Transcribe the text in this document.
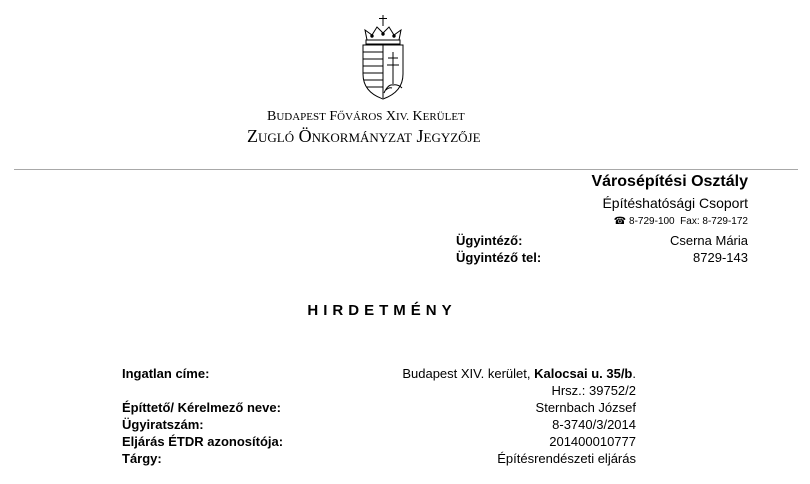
BUDAPEST FŐVÁROS XIV. KERÜLET
ZUGLÓ ÖNKORMÁNYZAT JEGYZŐJE
Városépítési Osztály
Építéshatósági Csoport
☎ 8-729-100  Fax: 8-729-172
Ügyintéző:	Cserna Mária
Ügyintéző tel:	8729-143
HIRDETMÉNY
Ingatlan címe:	Budapest XIV. kerület, Kalocsai u. 35/b.
Hrsz.: 39752/2
Építtető/ Kérelmező neve:	Sternbach József
Ügyiratszám:	8-3740/3/2014
Eljárás ÉTDR azonosítója:	201400010777
Tárgy:	Építésrendészeti eljárás
